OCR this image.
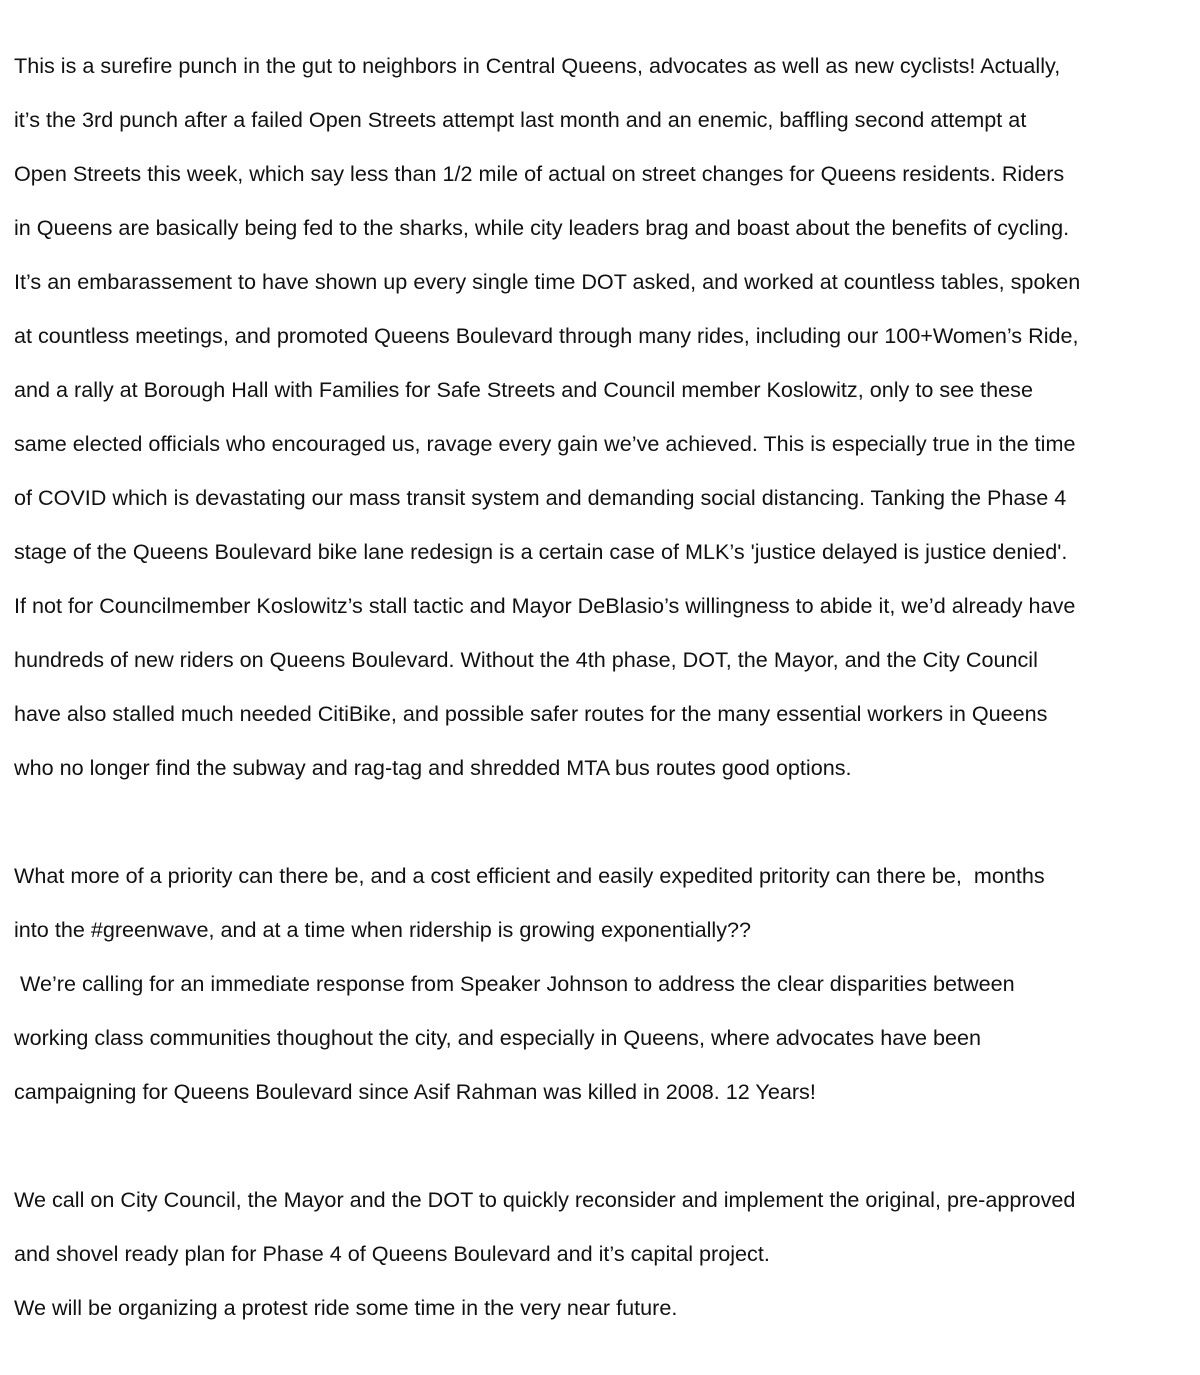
This is a surefire punch in the gut to neighbors in Central Queens, advocates as well as new cyclists! Actually,

it’s the 3rd punch after a failed Open Streets attempt last month and an enemic, baffling second attempt at

Open Streets this week, which say less than 1/2 mile of actual on street changes for Queens residents. Riders

in Queens are basically being fed to the sharks, while city leaders brag and boast about the benefits of cycling.

It’s an embarassement to have shown up every single time DOT asked, and worked at countless tables, spoken

at countless meetings, and promoted Queens Boulevard through many rides, including our 100+Women’s Ride,

and a rally at Borough Hall with Families for Safe Streets and Council member Koslowitz, only to see these

same elected officials who encouraged us, ravage every gain we’ve achieved. This is especially true in the time

of COVID which is devastating our mass transit system and demanding social distancing. Tanking the Phase 4

stage of the Queens Boulevard bike lane redesign is a certain case of MLK’s 'justice delayed is justice denied'.

If not for Councilmember Koslowitz’s stall tactic and Mayor DeBlasio’s willingness to abide it, we’d already have

hundreds of new riders on Queens Boulevard. Without the 4th phase, DOT, the Mayor, and the City Council

have also stalled much needed CitiBike, and possible safer routes for the many essential workers in Queens

who no longer find the subway and rag-tag and shredded MTA bus routes good options.

What more of a priority can there be, and a cost efficient and easily expedited pritority can there be,  months

into the #greenwave, and at a time when ridership is growing exponentially??

We’re calling for an immediate response from Speaker Johnson to address the clear disparities between

working class communities thoughout the city, and especially in Queens, where advocates have been

campaigning for Queens Boulevard since Asif Rahman was killed in 2008. 12 Years!

We call on City Council, the Mayor and the DOT to quickly reconsider and implement the original, pre-approved

and shovel ready plan for Phase 4 of Queens Boulevard and it’s capital project.

We will be organizing a protest ride some time in the very near future.
